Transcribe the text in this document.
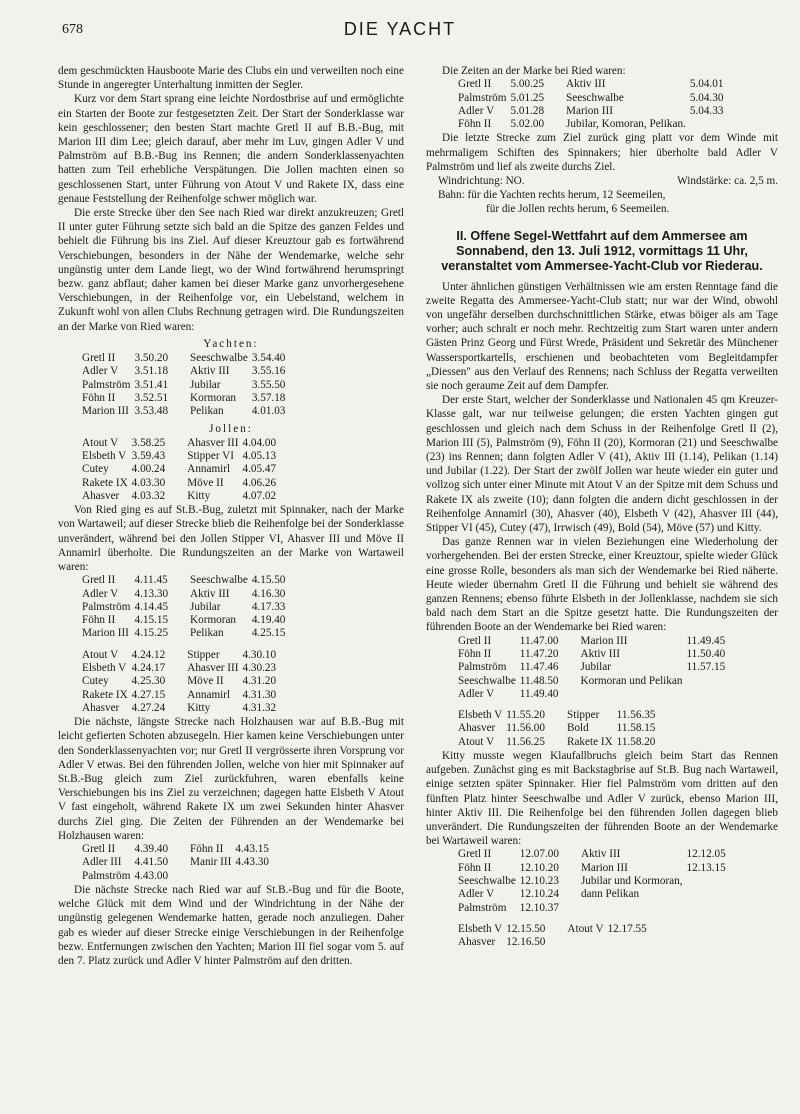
678	DIE YACHT

dem geschmückten Hausboote Marie des Clubs ein und verweilten noch eine Stunde in angeregter Unterhaltung inmitten der Segler.

Kurz vor dem Start sprang eine leichte Nordostbrise auf und ermöglichte ein Starten der Boote zur festgesetzten Zeit. Der Start der Sonderklasse war kein geschlossener; den besten Start machte Gretl II auf B.B.-Bug, mit Marion III dim Lee; gleich darauf, aber mehr im Luv, gingen Adler V und Palmström auf B.B.-Bug ins Rennen; die andern Sonderklassenyachten hatten zum Teil erhebliche Verspätungen. Die Jollen machten einen so geschlossenen Start, unter Führung von Atout V und Rakete IX, dass eine genaue Feststellung der Reihenfolge schwer möglich war.

Die erste Strecke über den See nach Ried war direkt anzukreuzen; Gretl II unter guter Führung setzte sich bald an die Spitze des ganzen Feldes und behielt die Führung bis ins Ziel. Auf dieser Kreuztour gab es fortwährend Verschiebungen, besonders in der Nähe der Wendemarke, welche sehr ungünstig unter dem Lande liegt, wo der Wind fortwährend herumspringt bezw. ganz abflaut; daher kamen bei dieser Marke ganz unvorhergesehene Verschiebungen, in der Reihenfolge vor, ein Uebelstand, welchem in Zukunft wohl von allen Clubs Rechnung getragen wird. Die Rundungszeiten an der Marke von Ried waren:

Yachten:
Gretl II	3.50.20	Seeschwalbe	3.54.40
Adler V	3.51.18	Aktiv III	3.55.16
Palmström	3.51.41	Jubilar	3.55.50
Föhn II	3.52.51	Kormoran	3.57.18
Marion III	3.53.48	Pelikan	4.01.03
Jollen:
Atout V	3.58.25	Ahasver III	4.04.00
Elsbeth V	3.59.43	Stipper VI	4.05.13
Cutey	4.00.24	Annamirl	4.05.47
Rakete IX	4.03.30	Möve II	4.06.26
Ahasver	4.03.32	Kitty	4.07.02

Von Ried ging es auf St.B.-Bug, zuletzt mit Spinnaker, nach der Marke von Wartaweil; auf dieser Strecke blieb die Reihenfolge bei der Sonderklasse unverändert, während bei den Jollen Stipper VI, Ahasver III und Möve II Annamirl überholte. Die Rundungszeiten an der Marke von Wartaweil waren:

Gretl II	4.11.45	Seeschwalbe	4.15.50
Adler V	4.13.30	Aktiv III	4.16.30
Palmström	4.14.45	Jubilar	4.17.33
Föhn II	4.15.15	Kormoran	4.19.40
Marion III	4.15.25	Pelikan	4.25.15
Atout V	4.24.12	Stipper	4.30.10
Elsbeth V	4.24.17	Ahasver III	4.30.23
Cutey	4.25.30	Möve II	4.31.20
Rakete IX	4.27.15	Annamirl	4.31.30
Ahasver	4.27.24	Kitty	4.31.32

Die nächste, längste Strecke nach Holzhausen war auf B.B.-Bug mit leicht gefierten Schoten abzusegeln. Hier kamen keine Verschiebungen unter den Sonderklassenyachten vor; nur Gretl II vergrösserte ihren Vorsprung vor Adler V etwas. Bei den führenden Jollen, welche von hier mit Spinnaker auf St.B.-Bug gleich zum Ziel zurückfuhren, waren ebenfalls keine Verschiebungen bis ins Ziel zu verzeichnen; dagegen hatte Elsbeth V Atout V fast eingeholt, während Rakete IX um zwei Sekunden hinter Ahasver durchs Ziel ging. Die Zeiten der Führenden an der Wendemarke bei Holzhausen waren:

Gretl II	4.39.40	Föhn II	4.43.15
Adler III	4.41.50	Manir III	4.43.30
Palmström	4.43.00		

Die nächste Strecke nach Ried war auf St.B.-Bug und für die Boote, welche Glück mit dem Wind und der Windrichtung in der Nähe der ungünstig gelegenen Wendemarke hatten, gerade noch anzuliegen. Daher gab es wieder auf dieser Strecke einige Verschiebungen in der Reihenfolge bezw. Entfernungen zwischen den Yachten; Marion III fiel sogar vom 5. auf den 7. Platz zurück und Adler V hinter Palmström auf den dritten.

Die Zeiten an der Marke bei Ried waren:

Gretl II	5.00.25	Aktiv III	5.04.01
Palmström	5.01.25	Seeschwalbe	5.04.30
Adler V	5.01.28	Marion III	5.04.33
Föhn II	5.02.00	Jubilar, Komoran, Pelikan.	

Die letzte Strecke zum Ziel zurück ging platt vor dem Winde mit mehrmaligem Schiften des Spinnakers; hier überholte bald Adler V Palmström und lief als zweite durchs Ziel.

Windrichtung: NO.	Windstärke: ca. 2,5 m.
Bahn: für die Yachten rechts herum, 12 Seemeilen,
für die Jollen rechts herum, 6 Seemeilen.
II. Offene Segel-Wettfahrt auf dem Ammersee am Sonnabend, den 13. Juli 1912, vormittags 11 Uhr, veranstaltet vom Ammersee-Yacht-Club vor Riederau.

Unter ähnlichen günstigen Verhältnissen wie am ersten Renntage fand die zweite Regatta des Ammersee-Yacht-Club statt; nur war der Wind, obwohl von ungefähr derselben durchschnittlichen Stärke, etwas böiger als am Tage vorher; auch schralt er noch mehr. Rechtzeitig zum Start waren unter andern Gästen Prinz Georg und Fürst Wrede, Präsident und Sekretär des Münchener Wassersportkartells, erschienen und beobachteten vom Begleitdampfer „Diessen" aus den Verlauf des Rennens; nach Schluss der Regatta verweilten sie noch geraume Zeit auf dem Dampfer.

Der erste Start, welcher der Sonderklasse und Nationalen 45 qm Kreuzer-Klasse galt, war nur teilweise gelungen; die ersten Yachten gingen gut geschlossen und gleich nach dem Schuss in der Reihenfolge Gretl II (2), Marion III (5), Palmström (9), Föhn II (20), Kormoran (21) und Seeschwalbe (23) ins Rennen; dann folgten Adler V (41), Aktiv III (1.14), Pelikan (1.14) und Jubilar (1.22). Der Start der zwölf Jollen war heute wieder ein guter und vollzog sich unter einer Minute mit Atout V an der Spitze mit dem Schuss und Rakete IX als zweite (10); dann folgten die andern dicht geschlossen in der Reihenfolge Annamirl (30), Ahasver (40), Elsbeth V (42), Ahasver III (44), Stipper VI (45), Cutey (47), Irrwisch (49), Bold (54), Möve (57) und Kitty.

Das ganze Rennen war in vielen Beziehungen eine Wiederholung der vorhergehenden. Bei der ersten Strecke, einer Kreuztour, spielte wieder Glück eine grosse Rolle, besonders als man sich der Wendemarke bei Ried näherte. Heute wieder übernahm Gretl II die Führung und behielt sie während des ganzen Rennens; ebenso führte Elsbeth in der Jollenklasse, nachdem sie sich bald nach dem Start an die Spitze gesetzt hatte. Die Rundungszeiten der führenden Boote an der Wendemarke bei Ried waren:

Gretl II	11.47.00	Marion III	11.49.45
Föhn II	11.47.20	Aktiv III	11.50.40
Palmström	11.47.46	Jubilar	11.57.15
Seeschwalbe	11.48.50	Kormoran und Pelikan	
Adler V	11.49.40		
Elsbeth V	11.55.20	Stipper	11.56.35
Ahasver	11.56.00	Bold	11.58.15
Atout V	11.56.25	Rakete IX	11.58.20

Kitty musste wegen Klaufallbruchs gleich beim Start das Rennen aufgeben. Zunächst ging es mit Backstagbrise auf St.B. Bug nach Wartaweil, einige setzten später Spinnaker. Hier fiel Palmström vom dritten auf den fünften Platz hinter Seeschwalbe und Adler V zurück, ebenso Marion III, hinter Aktiv III. Die Reihenfolge bei den führenden Jollen dagegen blieb unverändert. Die Rundungszeiten der führenden Boote an der Wendemarke bei Wartaweil waren:

Gretl II	12.07.00	Aktiv III	12.12.05
Föhn II	12.10.20	Marion III	12.13.15
Seeschwalbe	12.10.23	Jubilar und Kormoran,	
Adler V	12.10.24	dann Pelikan	
Palmström	12.10.37		
Elsbeth V	12.15.50	Atout V	12.17.55
Ahasver	12.16.50		
